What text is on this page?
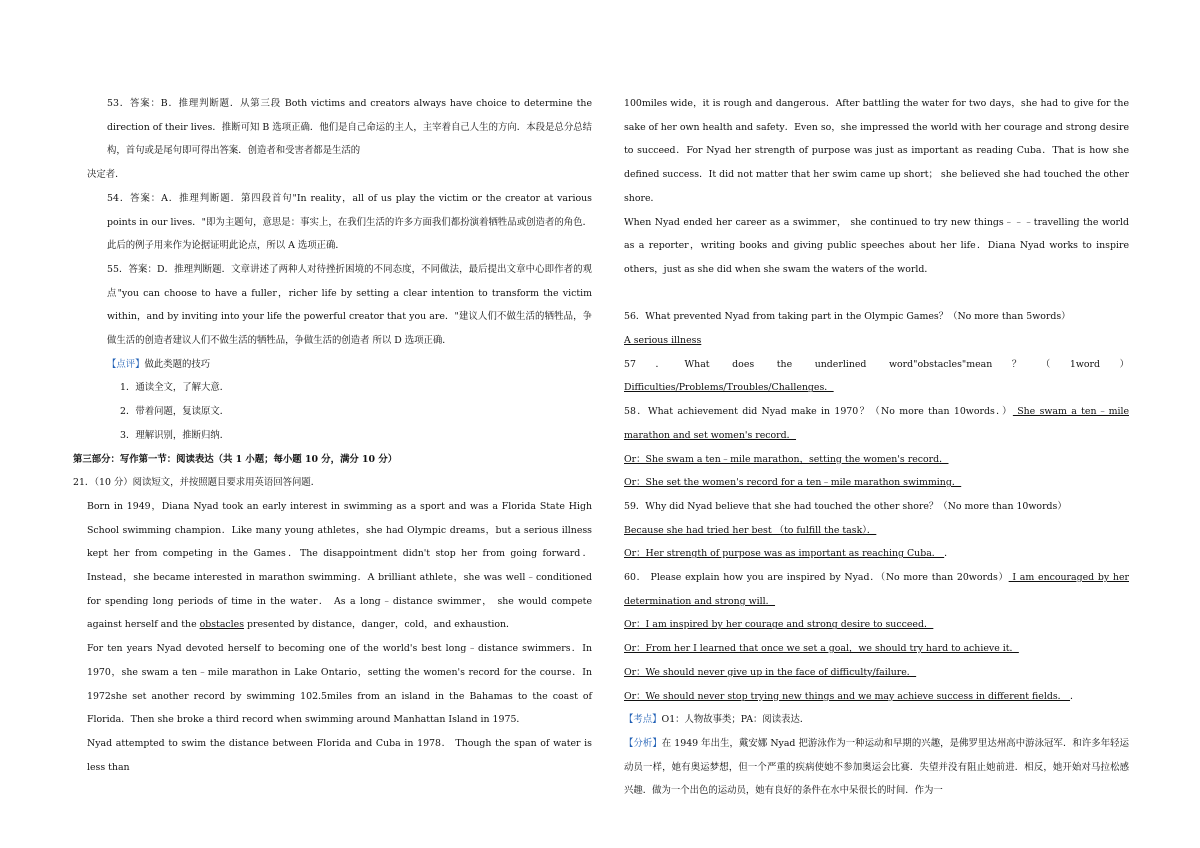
53．答案：B．推理判断题．从第三段 Both victims and creators always have choice to determine the direction of their lives．推断可知 B 选项正确．他们是自己命运的主人，主宰着自己人生的方向．本段是总分总结构，首句或是尾句即可得出答案．创造者和受害者都是生活的

决定者．

54．答案：A．推理判断题．第四段首句"In reality，all of us play the victim or the creator at various points in our lives．"即为主题句，意思是：事实上，在我们生活的许多方面我们都扮演着牺牲品或创造者的角色．此后的例子用来作为论据证明此论点，所以 A 选项正确．

55．答案：D．推理判断题．文章讲述了两种人对待挫折困境的不同态度，不同做法，最后提出文章中心即作者的观点"you can choose to have a fuller，richer life by setting a clear intention to transform the victim within，and by inviting into your life the powerful creator that you are．"建议人们不做生活的牺牲品，争做生活的创造者建议人们不做生活的牺牲品，争做生活的创造者 所以 D 选项正确．

【点评】做此类题的技巧

1．通读全文，了解大意．

2．带着问题，复读原文．

3．理解识别，推断归纳．

第三部分：写作第一节：阅读表达（共 1 小题；每小题 10 分，满分 10 分）

21．（10 分）阅读短文，并按照题目要求用英语回答问题．

Born in 1949，Diana Nyad took an early interest in swimming as a sport and was a Florida State High School swimming champion．Like many young athletes，she had Olympic dreams，but a serious illness kept her from competing in the Games．The disappointment didn't stop her from going forward．Instead，she became interested in marathon swimming．A brilliant athlete，she was well﹣conditioned for spending long periods of time in the water． As a long﹣distance swimmer， she would compete against herself and the obstacles presented by distance，danger，cold，and exhaustion．

For ten years Nyad devoted herself to becoming one of the world's best long﹣distance swimmers．In 1970，she swam a ten﹣mile marathon in Lake Ontario，setting the women's record for the course．In 1972she set another record by swimming 102.5miles from an island in the Bahamas to the coast of Florida．Then she broke a third record when swimming around Manhattan Island in 1975．

Nyad attempted to swim the distance between Florida and Cuba in 1978． Though the span of water is less than

100miles wide，it is rough and dangerous．After battling the water for two days，she had to give for the sake of her own health and safety．Even so，she impressed the world with her courage and strong desire to succeed．For Nyad her strength of purpose was just as important as reading Cuba．That is how she defined success．It did not matter that her swim came up short； she believed she had touched the other shore．

When Nyad ended her career as a swimmer， she continued to try new things﹣﹣﹣travelling the world as a reporter，writing books and giving public speeches about her life．Diana Nyad works to inspire others，just as she did when she swam the waters of the world．

56．What prevented Nyad from taking part in the Olympic Games？（No more than 5words）

A serious illness

57．What does the underlined word"obstacles"mean？（1word） Difficulties/Problems/Troubles/Challenges．

58．What achievement did Nyad make in 1970？（No more than 10words．） She swam a ten﹣mile marathon and set women's record．

Or：She swam a ten﹣mile marathon，setting the women's record．

Or：She set the women's record for a ten﹣mile marathon swimming．

59．Why did Nyad believe that she had touched the other shore？（No more than 10words）

Because she had tried her best （to fulfill the task）．

Or：Her strength of purpose was as important as reaching Cuba． ．

60． Please explain how you are inspired by Nyad．（No more than 20words） I am encouraged by her determination and strong will．

Or：I am inspired by her courage and strong desire to succeed．

Or：From her I learned that once we set a goal，we should try hard to achieve it．

Or：We should never give up in the face of difficulty/failure．

Or：We should never stop trying new things and we may achieve success in different fields． ．

【考点】O1：人物故事类；PA：阅读表达．

【分析】在 1949 年出生，戴安娜 Nyad 把游泳作为一种运动和早期的兴趣，是佛罗里达州高中游泳冠军．和许多年轻运动员一样，她有奥运梦想，但一个严重的疾病使她不参加奥运会比赛．失望并没有阻止她前进．相反，她开始对马拉松感兴趣．做为一个出色的运动员，她有良好的条件在水中呆很长的时间．作为一
